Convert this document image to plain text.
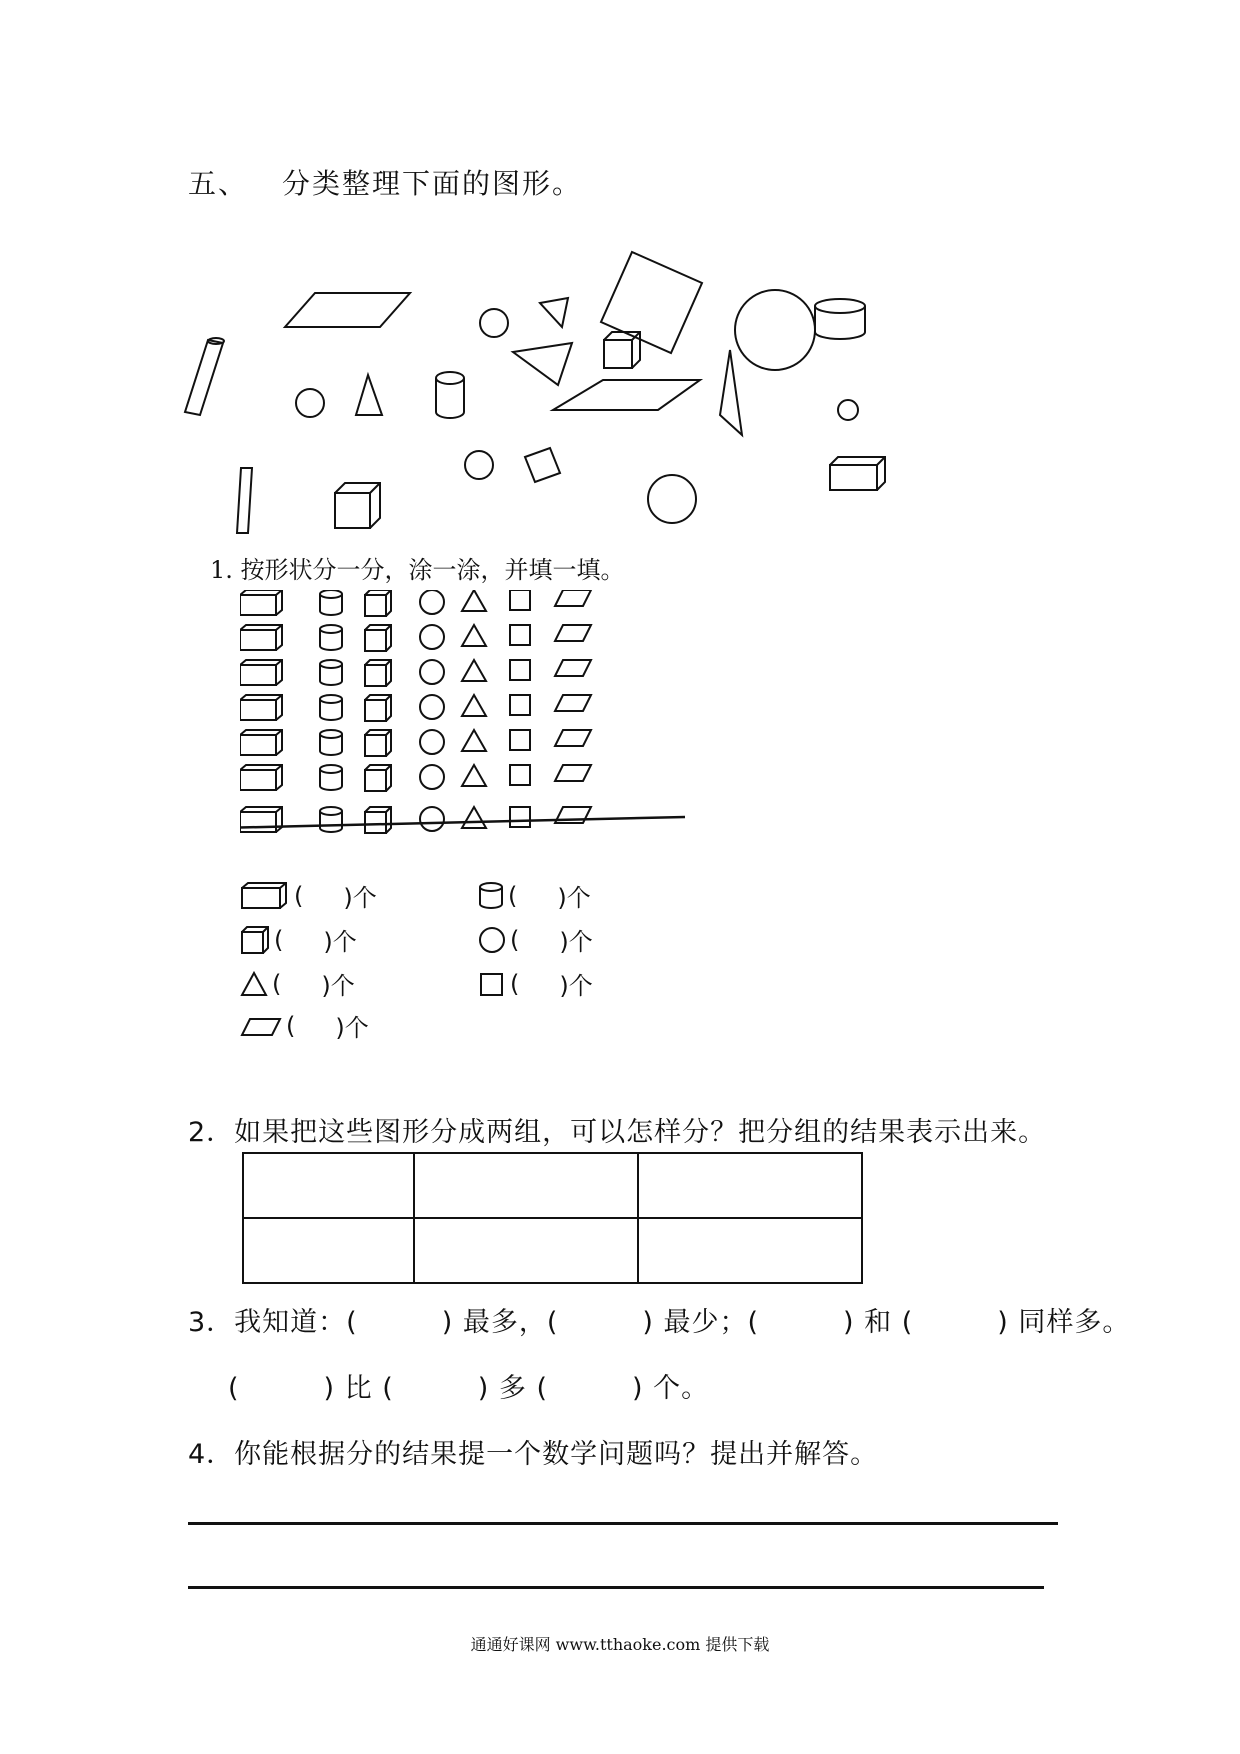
五、 分类整理下面的图形。
1. 按形状分一分，涂一涂，并填一填。
( )个	( )个
( )个	( )个
( )个	( )个
( )个
2．如果把这些图形分成两组，可以怎样分？把分组的结果表示出来。

3．我知道：(　　　) 最多，(　　　) 最少；(　　　) 和 (　　　) 同样多。
(　　　) 比 (　　　) 多 (　　　) 个。
4．你能根据分的结果提一个数学问题吗？提出并解答。
通通好课网 www.tthaoke.com 提供下载
